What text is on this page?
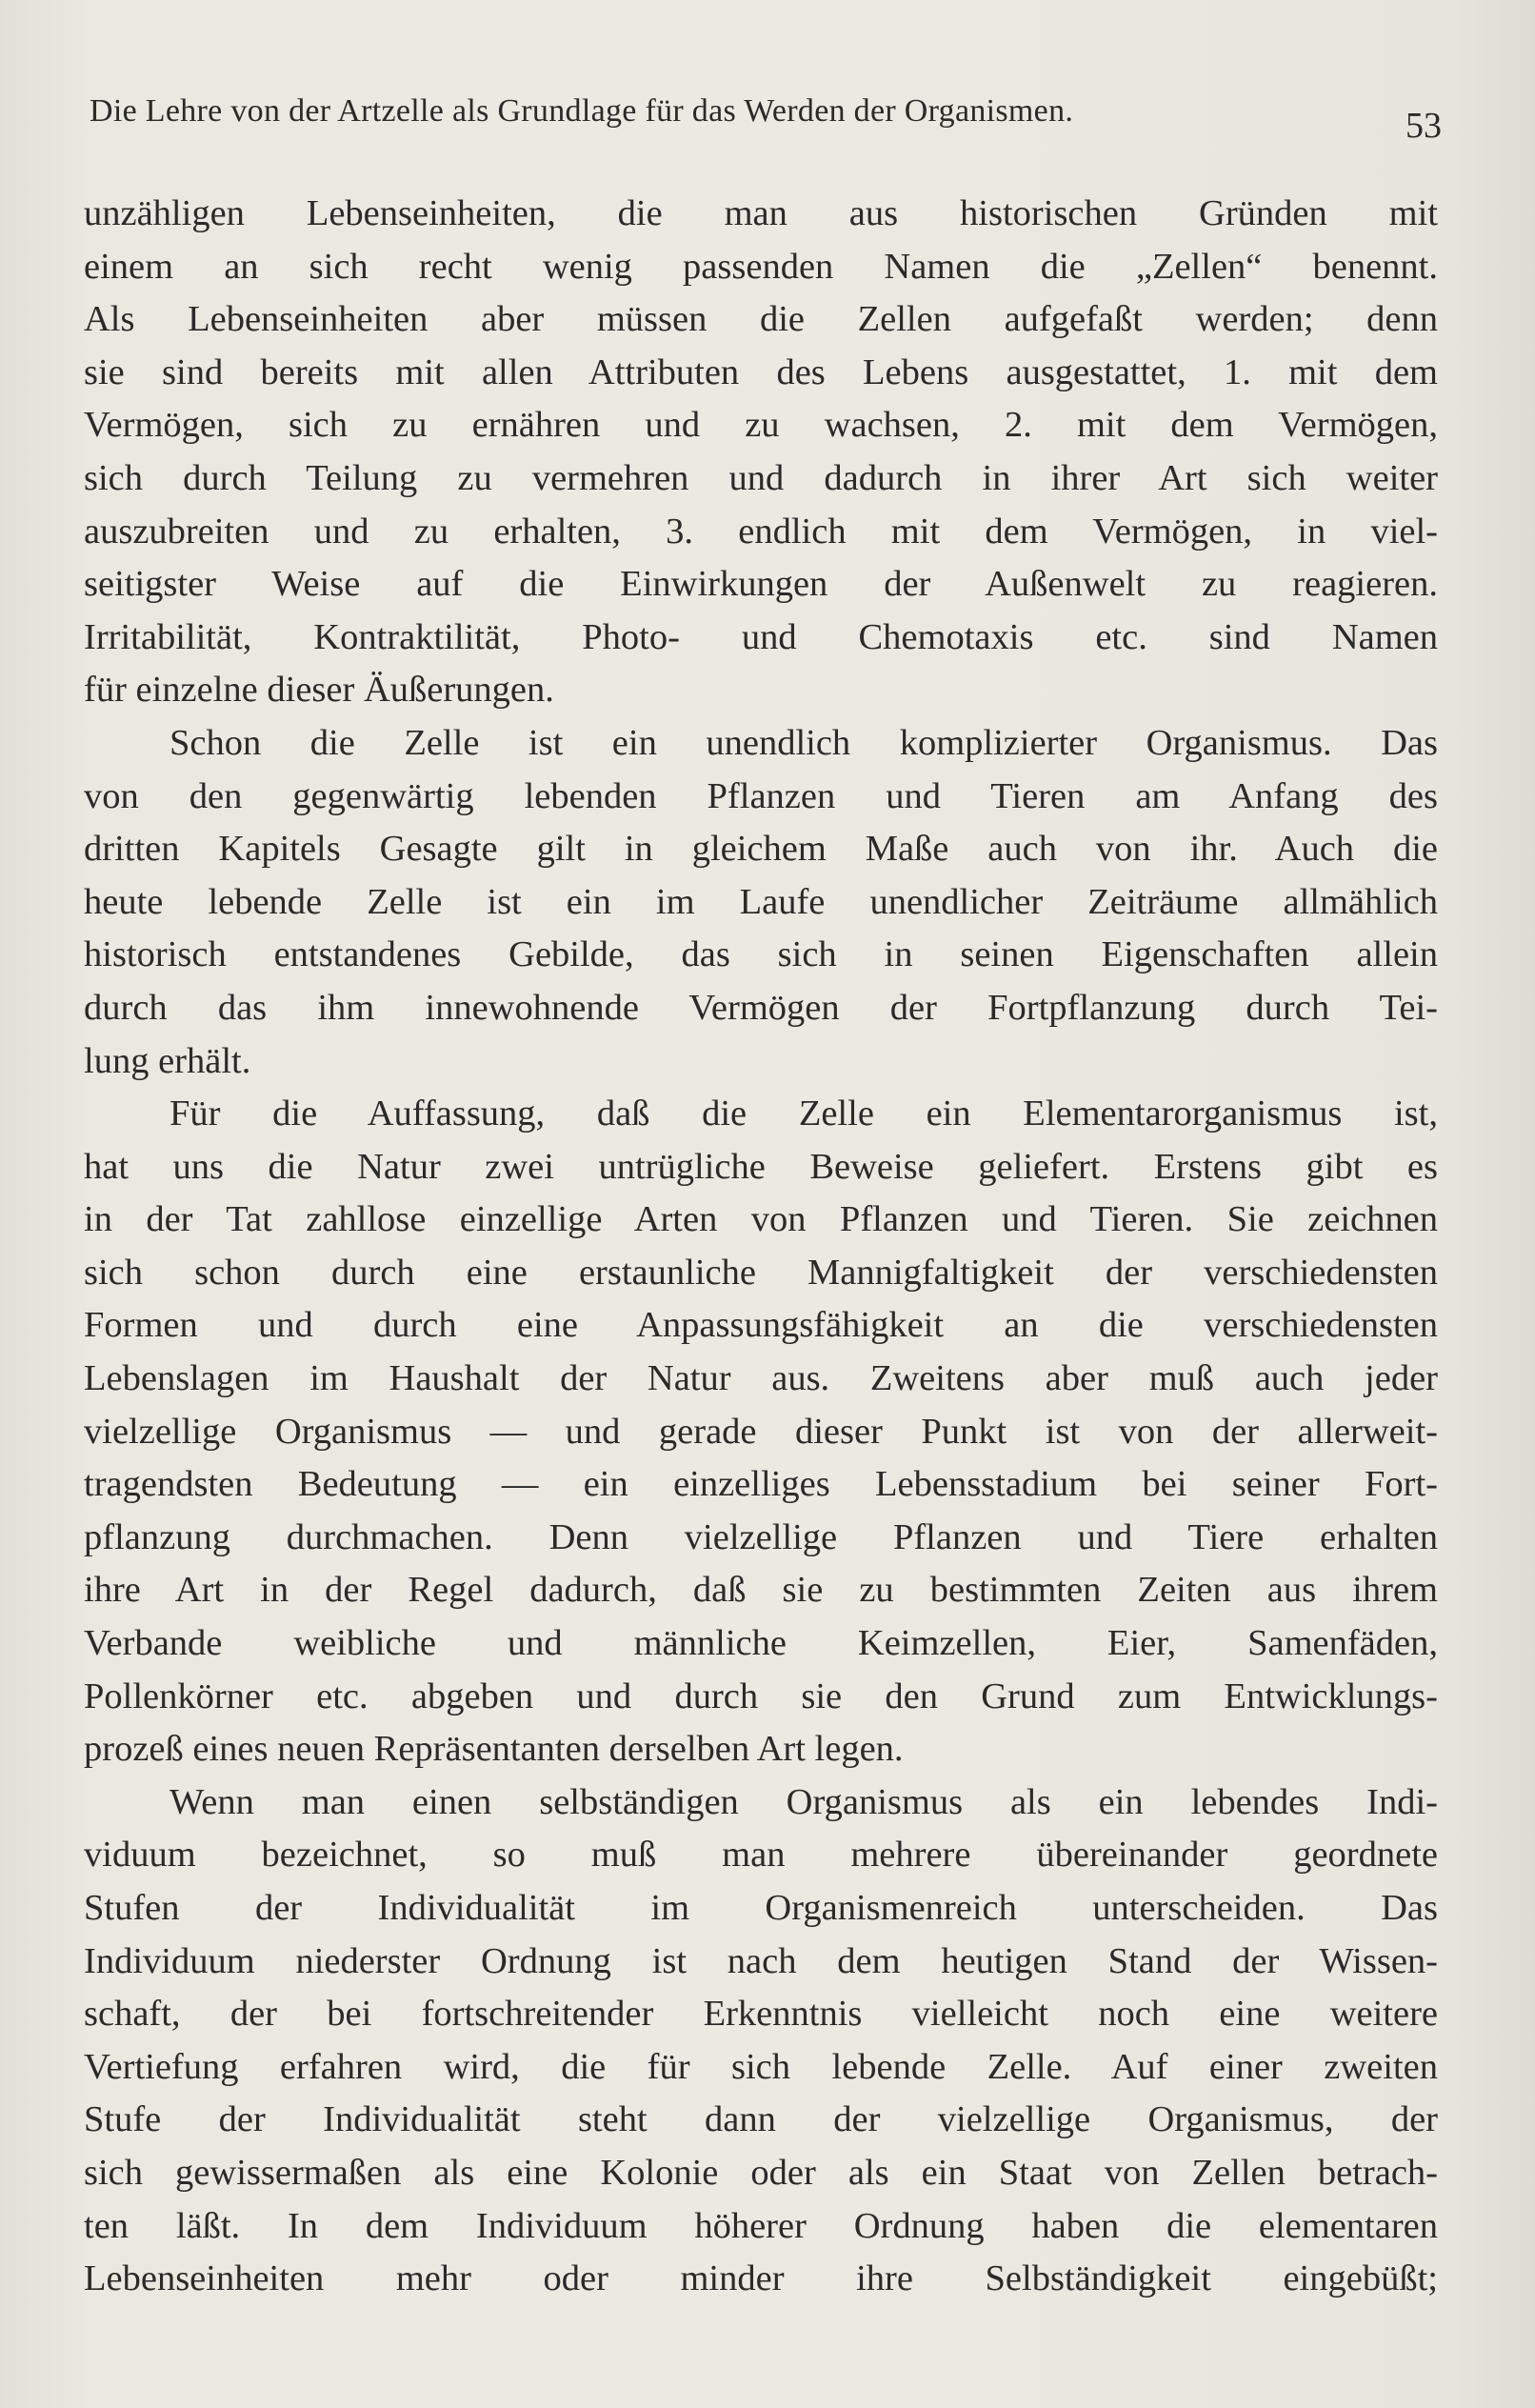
Die Lehre von der Artzelle als Grundlage für das Werden der Organismen.	53
unzähligen Lebenseinheiten, die man aus historischen Gründen mit
einem an sich recht wenig passenden Namen die „Zellen“ benennt.
Als Lebenseinheiten aber müssen die Zellen aufgefaßt werden; denn
sie sind bereits mit allen Attributen des Lebens ausgestattet, 1. mit dem
Vermögen, sich zu ernähren und zu wachsen, 2. mit dem Vermögen,
sich durch Teilung zu vermehren und dadurch in ihrer Art sich weiter
auszubreiten und zu erhalten, 3. endlich mit dem Vermögen, in viel-
seitigster Weise auf die Einwirkungen der Außenwelt zu reagieren.
Irritabilität, Kontraktilität, Photo- und Chemotaxis etc. sind Namen
für einzelne dieser Äußerungen.
Schon die Zelle ist ein unendlich komplizierter Organismus. Das
von den gegenwärtig lebenden Pflanzen und Tieren am Anfang des
dritten Kapitels Gesagte gilt in gleichem Maße auch von ihr. Auch die
heute lebende Zelle ist ein im Laufe unendlicher Zeiträume allmählich
historisch entstandenes Gebilde, das sich in seinen Eigenschaften allein
durch das ihm innewohnende Vermögen der Fortpflanzung durch Tei-
lung erhält.
Für die Auffassung, daß die Zelle ein Elementarorganismus ist,
hat uns die Natur zwei untrügliche Beweise geliefert. Erstens gibt es
in der Tat zahllose einzellige Arten von Pflanzen und Tieren. Sie zeichnen
sich schon durch eine erstaunliche Mannigfaltigkeit der verschiedensten
Formen und durch eine Anpassungsfähigkeit an die verschiedensten
Lebenslagen im Haushalt der Natur aus. Zweitens aber muß auch jeder
vielzellige Organismus — und gerade dieser Punkt ist von der allerweit-
tragendsten Bedeutung — ein einzelliges Lebensstadium bei seiner Fort-
pflanzung durchmachen. Denn vielzellige Pflanzen und Tiere erhalten
ihre Art in der Regel dadurch, daß sie zu bestimmten Zeiten aus ihrem
Verbande weibliche und männliche Keimzellen, Eier, Samenfäden,
Pollenkörner etc. abgeben und durch sie den Grund zum Entwicklungs-
prozeß eines neuen Repräsentanten derselben Art legen.
Wenn man einen selbständigen Organismus als ein lebendes Indi-
viduum bezeichnet, so muß man mehrere übereinander geordnete
Stufen der Individualität im Organismenreich unterscheiden. Das
Individuum niederster Ordnung ist nach dem heutigen Stand der Wissen-
schaft, der bei fortschreitender Erkenntnis vielleicht noch eine weitere
Vertiefung erfahren wird, die für sich lebende Zelle. Auf einer zweiten
Stufe der Individualität steht dann der vielzellige Organismus, der
sich gewissermaßen als eine Kolonie oder als ein Staat von Zellen betrach-
ten läßt. In dem Individuum höherer Ordnung haben die elementaren
Lebenseinheiten mehr oder minder ihre Selbständigkeit eingebüßt;
